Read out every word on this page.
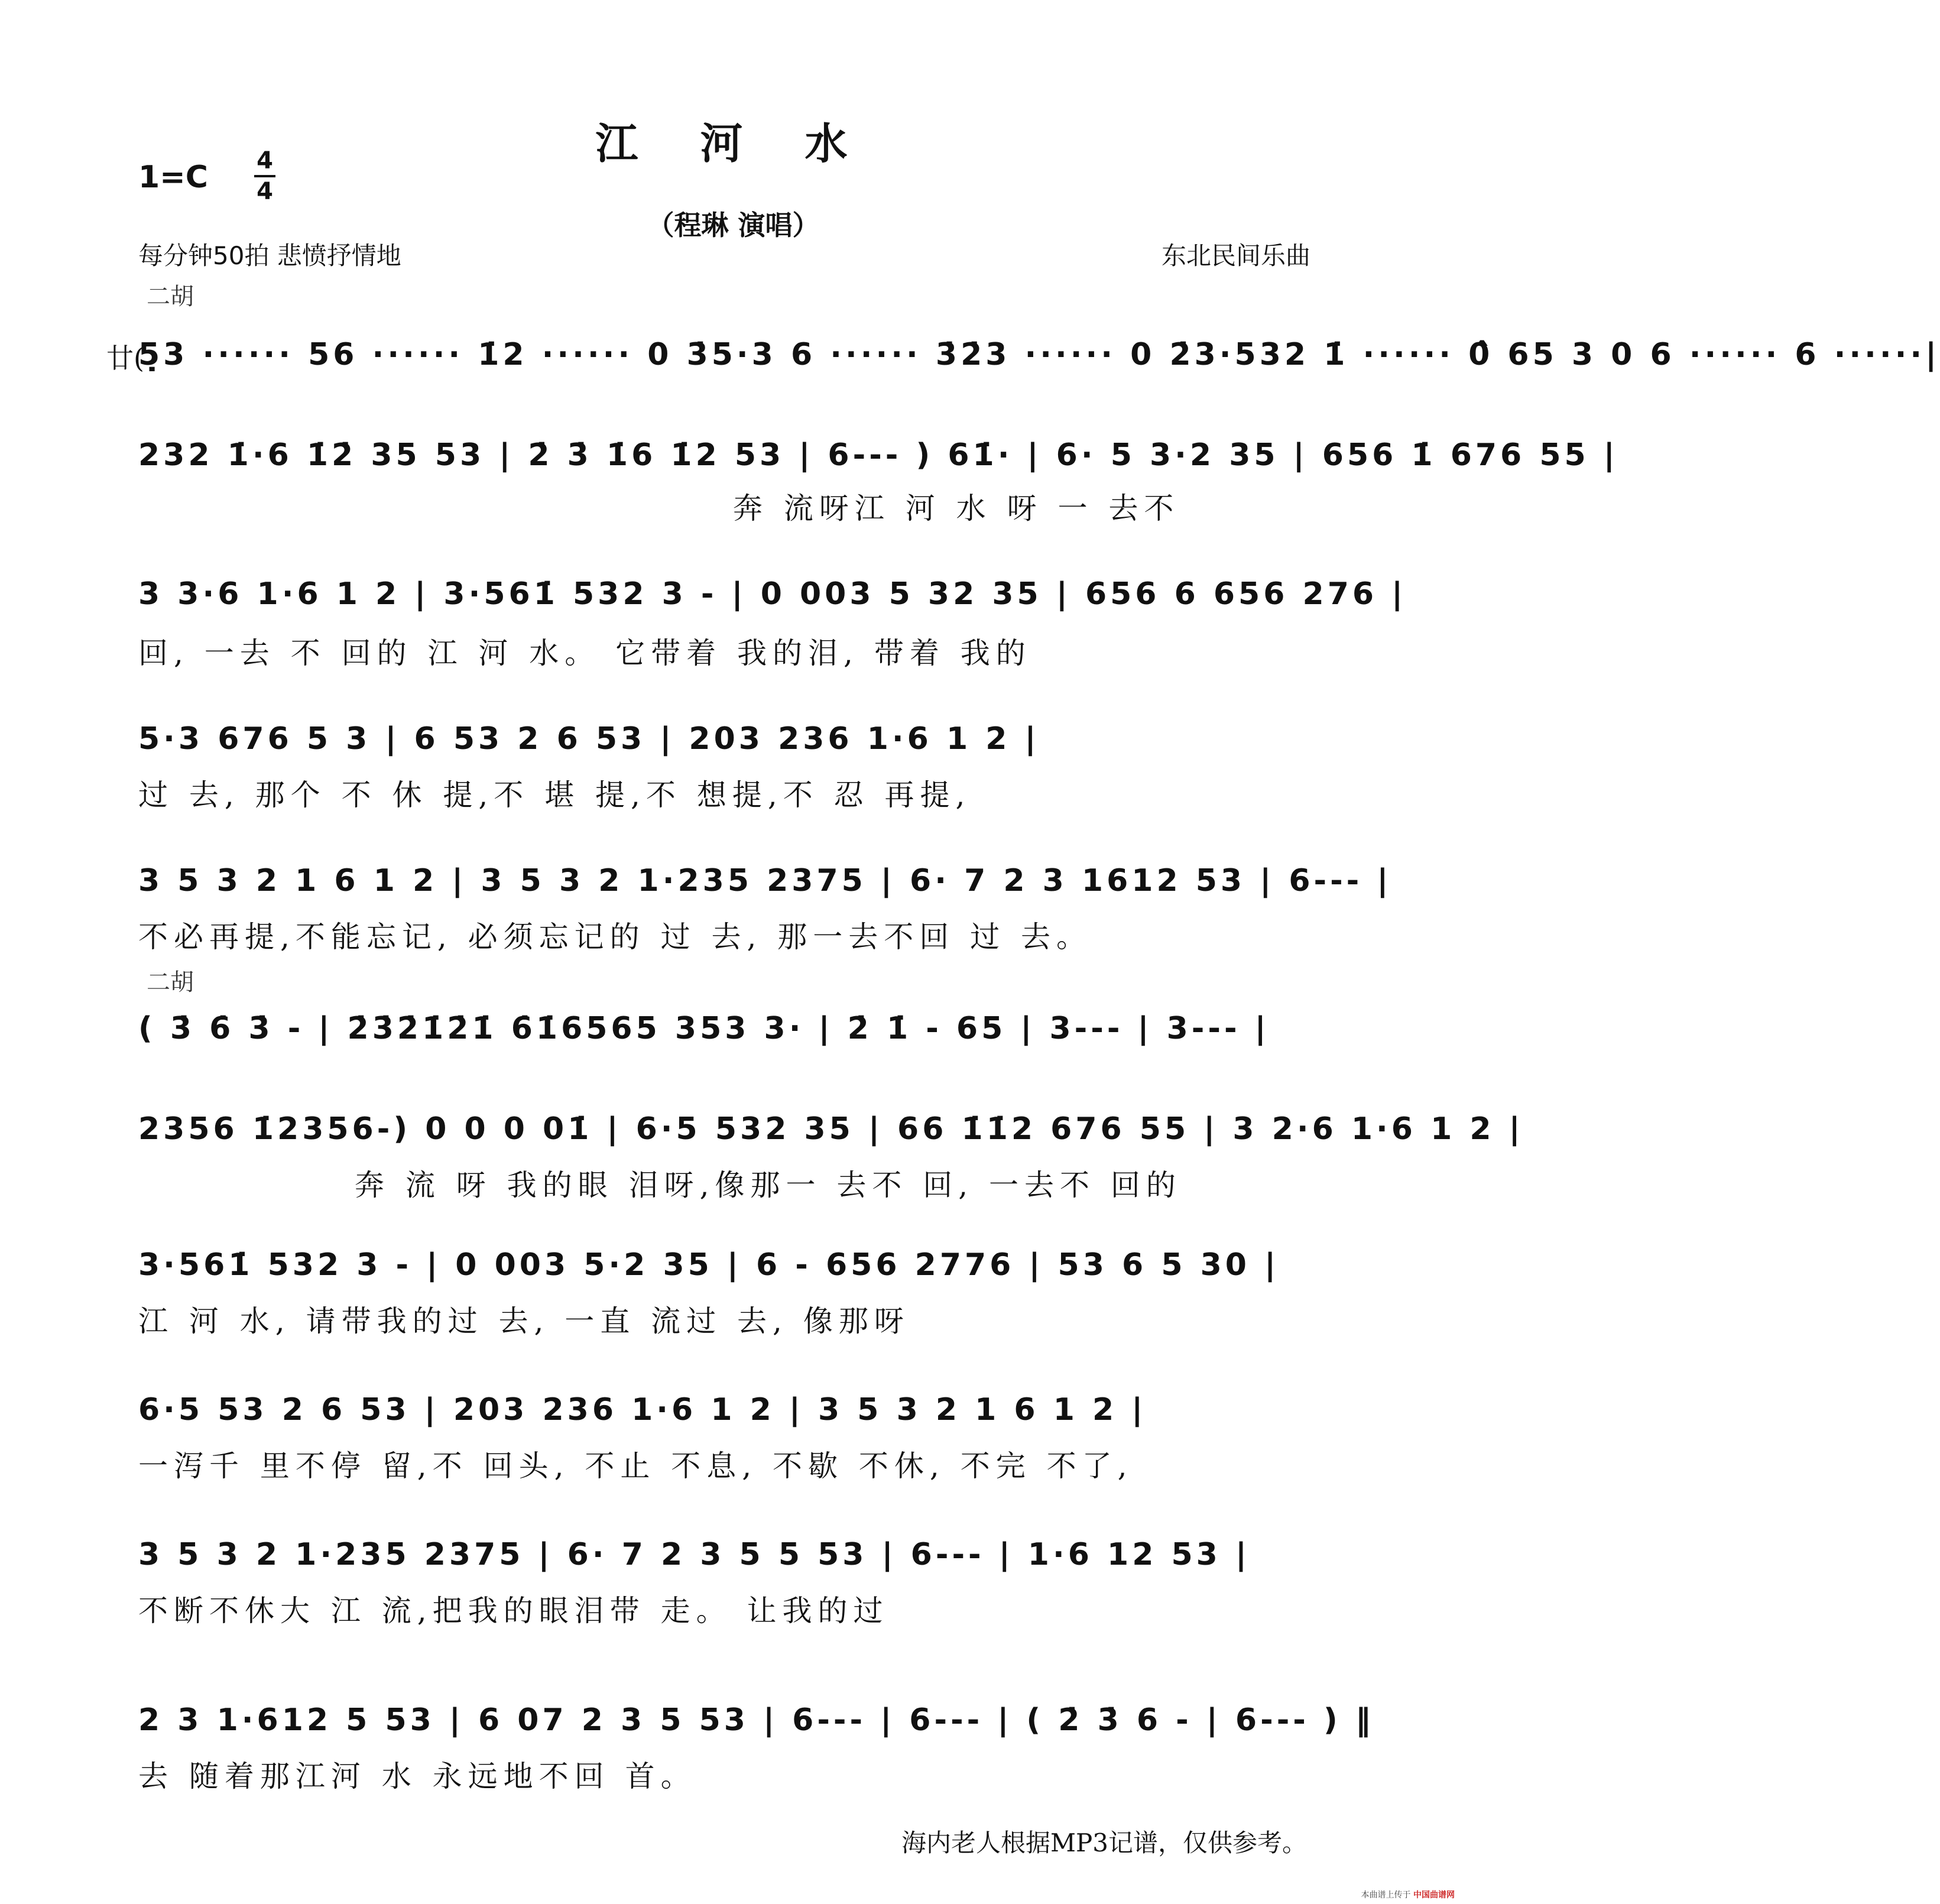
江 河 水
1=C 4
4
（程琳 演唱）
每分钟50拍 悲愤抒情地	东北民间乐曲
二胡
廿(
5̣3 ······ 56 ······ 1̇2 ······ 0 3̇5·3 6 ······ 3̇2̇3 ······ 0 2̇3·532 1̇ ······ 0̂ 65 3 0 6 ······ 6 ······|
232 1̇·6 1̇2̇ 35 53 | 2̇ 3̇ 1̇6 1̇2 53 | 6--- ) 61̇· | 6· 5 3·2 35 | 656 1̇ 676 55 |
奔 流呀江 河 水 呀 一 去不
3 3·6 1·6 1 2 | 3·561̇ 532 3 - | 0 003 5 32 35 | 656 6 656 276 |
回, 一去 不 回的 江 河 水。 它带着 我的泪, 带着 我的
5·3 676 5 3 | 6 53 2 6 53 | 203 236 1·6 1 2 |
过 去, 那个 不 休 提,不 堪 提,不 想提,不 忍 再提,
3 5 3 2 1 6 1 2 | 3 5 3 2 1·235 2375 | 6· 7 2 3 1612 53 | 6--- |
不必再提,不能忘记, 必须忘记的 过 去, 那一去不回 过 去。
二胡
( 3̇ 6̇ 3̇ - | 2̇3̇2̇1̇2̇1̇ 6̇1̇6565 353 3· | 2̇ 1̇ - 65 | 3--- | 3--- |
2356 1̇2356-) 0 0 0 01̇ | 6·5 532 35 | 66 1̇1̇2 676 55 | 3 2·6 1·6 1 2 |
奔 流 呀 我的眼 泪呀,像那一 去不 回, 一去不 回的
3·561̇ 532 3 - | 0 003 5·2 35 | 6 - 656 2776 | 53 6 5 30 |
江 河 水, 请带我的过 去, 一直 流过 去, 像那呀
6·5 53 2 6 53 | 203 236 1·6 1 2 | 3 5 3 2 1 6 1 2 |
一泻千 里不停 留,不 回头, 不止 不息, 不歇 不休, 不完 不了,
3 5 3 2 1·235 2375 | 6· 7 2 3 5 5 53 | 6--- | 1·6 12 53 |
不断不休大 江 流,把我的眼泪带 走。 让我的过
2 3 1·612 5 53 | 6 07 2 3 5 53 | 6--- | 6--- | ( 2̇ 3̇ 6 - | 6--- ) ‖
去 随着那江河 水 永远地不回 首。
海内老人根据MP3记谱，仅供参考。
本曲谱上传于 中国曲谱网
